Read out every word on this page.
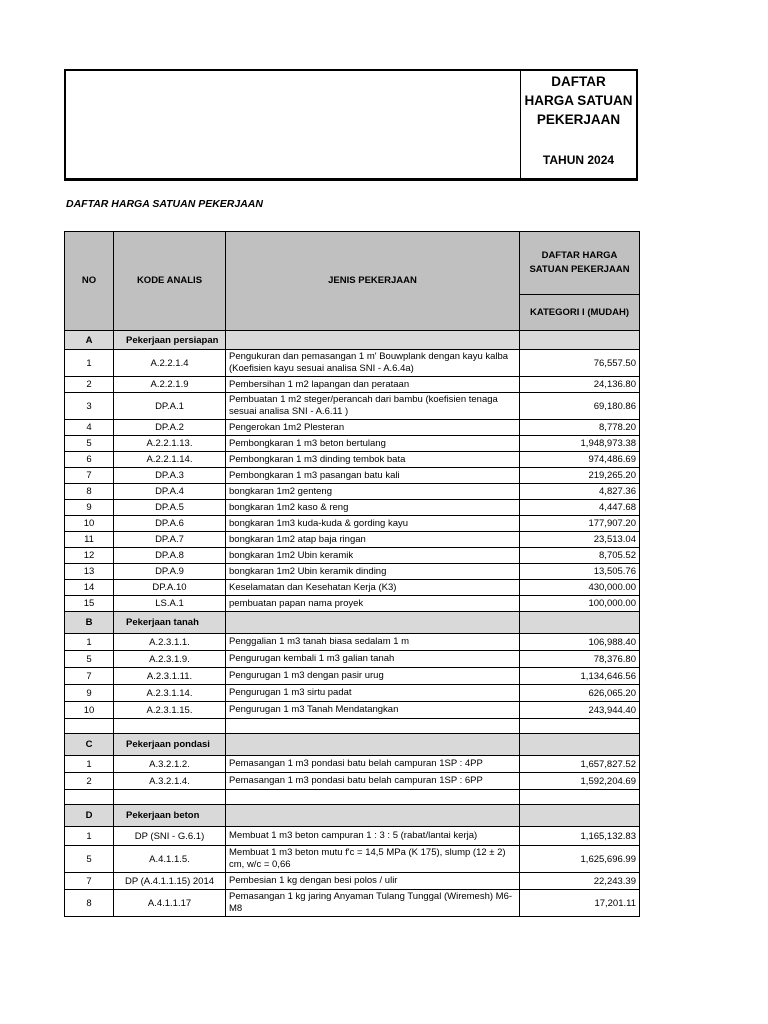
DAFTAR
HARGA SATUAN
PEKERJAAN
TAHUN 2024
DAFTAR HARGA SATUAN PEKERJAAN
NO	KODE ANALIS	JENIS PEKERJAAN	DAFTAR HARGA SATUAN PEKERJAAN
			KATEGORI I (MUDAH)
A	Pekerjaan persiapan		
1	A.2.2.1.4	Pengukuran dan pemasangan 1 m' Bouwplank dengan kayu kalba (Koefisien kayu sesuai analisa SNI - A.6.4a)	76,557.50
2	A.2.2.1.9	Pembersihan 1 m2 lapangan dan perataan	24,136.80
3	DP.A.1	Pembuatan 1 m2 steger/perancah dari bambu (koefisien tenaga sesuai analisa SNI - A.6.11 )	69,180.86
4	DP.A.2	Pengerokan 1m2 Plesteran	8,778.20
5	A.2.2.1.13.	Pembongkaran 1 m3 beton bertulang	1,948,973.38
6	A.2.2.1.14.	Pembongkaran 1 m3 dinding tembok bata	974,486.69
7	DP.A.3	Pembongkaran 1 m3 pasangan batu kali	219,265.20
8	DP.A.4	bongkaran 1m2 genteng	4,827.36
9	DP.A.5	bongkaran 1m2 kaso & reng	4,447.68
10	DP.A.6	bongkaran 1m3 kuda-kuda & gording kayu	177,907.20
11	DP.A.7	bongkaran 1m2 atap baja ringan	23,513.04
12	DP.A.8	bongkaran 1m2 Ubin keramik	8,705.52
13	DP.A.9	bongkaran 1m2 Ubin keramik dinding	13,505.76
14	DP.A.10	Keselamatan dan Kesehatan Kerja (K3)	430,000.00
15	LS.A.1	pembuatan papan nama proyek	100,000.00
B	Pekerjaan tanah		
1	A.2.3.1.1.	Penggalian 1 m3 tanah biasa sedalam 1 m	106,988.40
5	A.2.3.1.9.	Pengurugan kembali 1 m3 galian tanah	78,376.80
7	A.2.3.1.11.	Pengurugan 1 m3 dengan pasir urug	1,134,646.56
9	A.2.3.1.14.	Pengurugan 1 m3 sirtu padat	626,065.20
10	A.2.3.1.15.	Pengurugan 1 m3 Tanah Mendatangkan	243,944.40

C	Pekerjaan pondasi		
1	A.3.2.1.2.	Pemasangan 1 m3 pondasi batu belah campuran 1SP : 4PP	1,657,827.52
2	A.3.2.1.4.	Pemasangan 1 m3 pondasi batu belah campuran 1SP : 6PP	1,592,204.69

D	Pekerjaan beton		
1	DP (SNI - G.6.1)	Membuat 1 m3 beton campuran 1 : 3 : 5 (rabat/lantai kerja)	1,165,132.83
5	A.4.1.1.5.	Membuat 1 m3 beton mutu f'c = 14,5 MPa (K 175), slump (12 ± 2) cm, w/c = 0,66	1,625,696.99
7	DP (A.4.1.1.15) 2014	Pembesian 1 kg dengan besi polos / ulir	22,243.39
8	A.4.1.1.17	Pemasangan 1 kg jaring Anyaman Tulang Tunggal (Wiremesh) M6-M8	17,201.11
